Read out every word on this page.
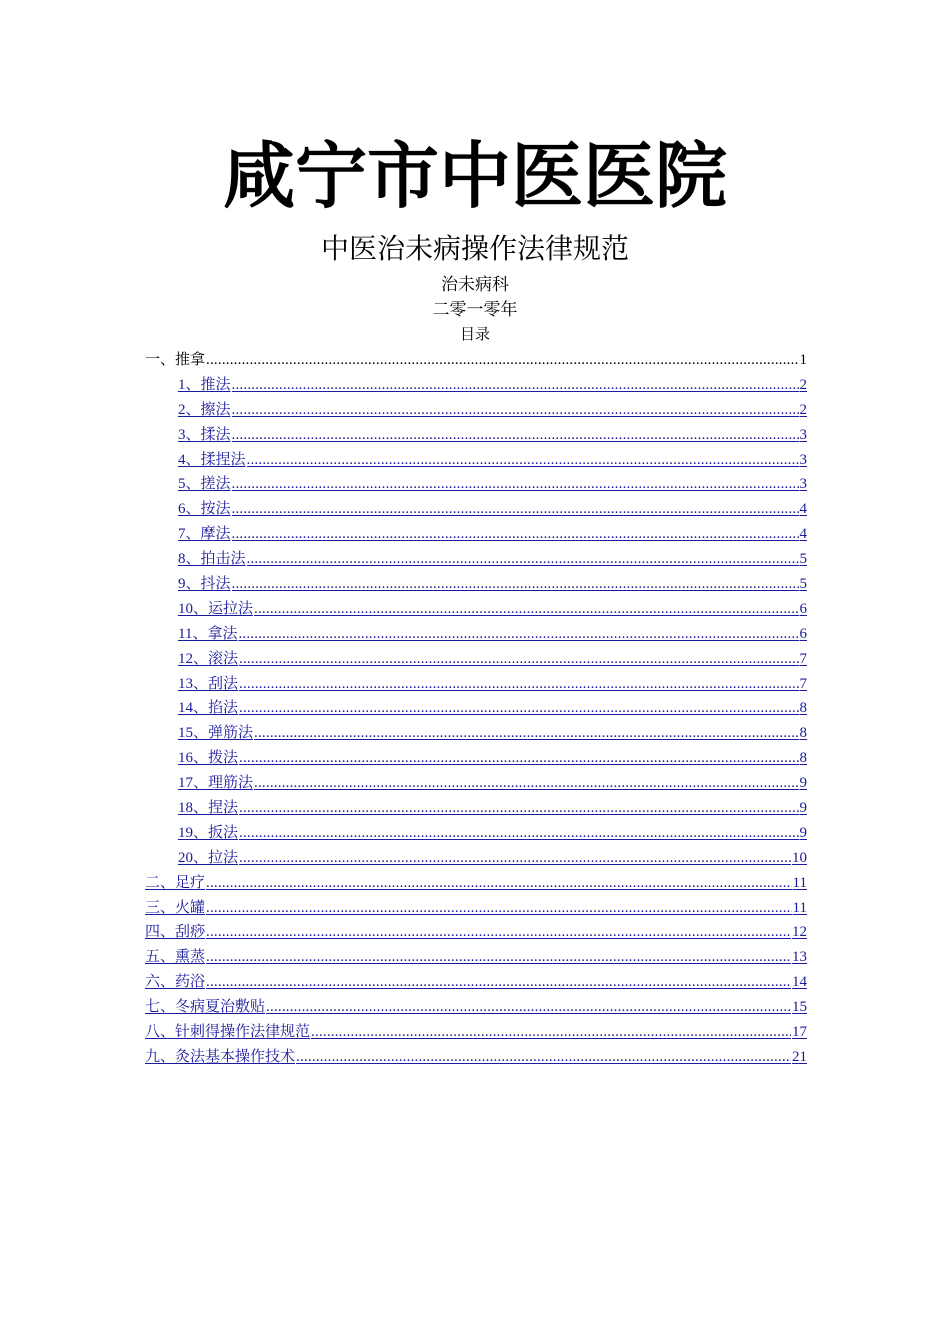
咸宁市中医医院
中医治未病操作法律规范
治未病科
二零一零年
目录
一、推拿 .....	1
1、推法 .....	2
2、擦法 .....	2
3、揉法 .....	3
4、揉捏法 .....	3
5、搓法 .....	3
6、按法 .....	4
7、摩法 .....	4
8、拍击法 .....	5
9、抖法 .....	5
10、运拉法 .....	6
11、拿法 .....	6
12、滚法 .....	7
13、刮法 .....	7
14、掐法 .....	8
15、弹筋法 .....	8
16、拨法 .....	8
17、理筋法 .....	9
18、捏法 .....	9
19、扳法 .....	9
20、拉法 .....	10
二、足疗 .....	11
三、火罐 .....	11
四、刮痧 .....	12
五、熏蒸 .....	13
六、药浴 .....	14
七、冬病夏治敷贴 .....	15
八、针刺得操作法律规范 .....	17
九、灸法基本操作技术 .....	21
